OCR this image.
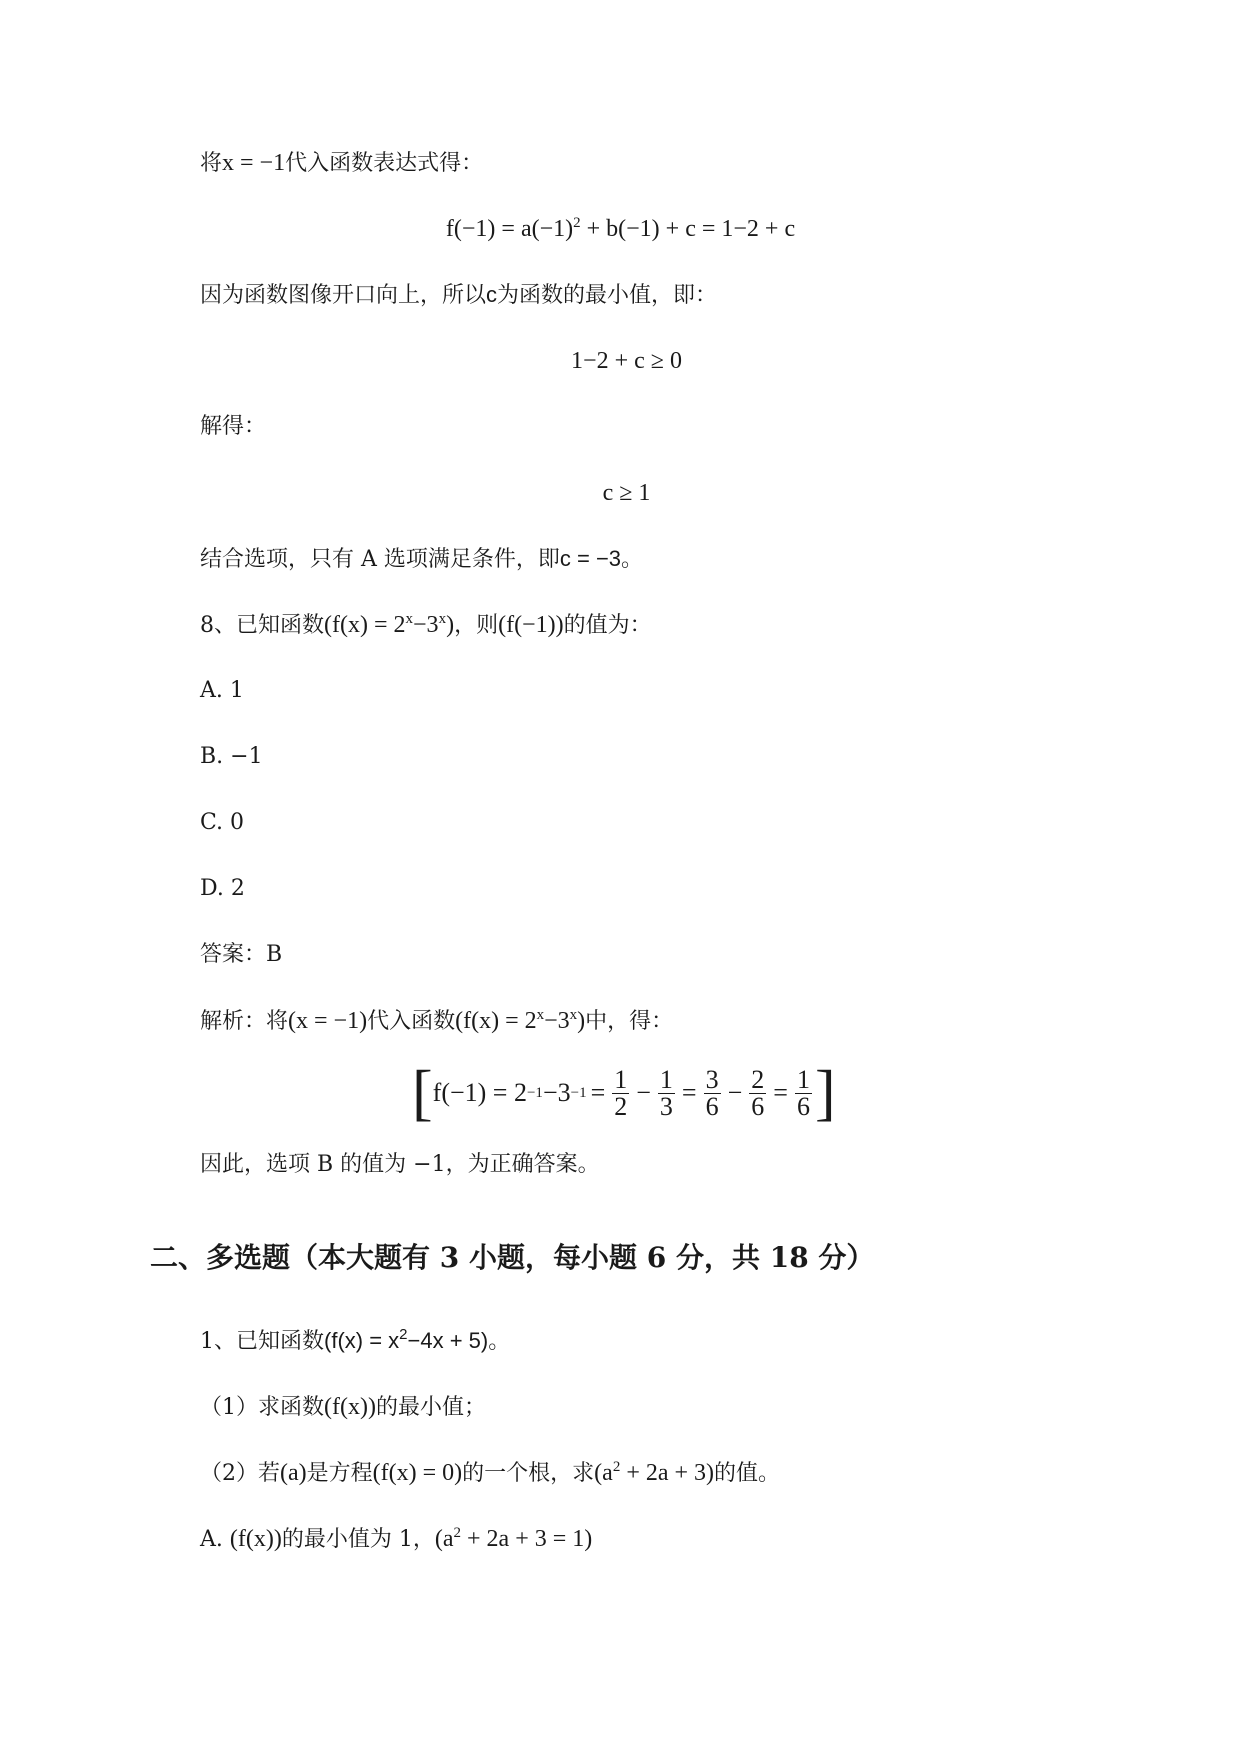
将x = −1代入函数表达式得：
$f(-1) = a(-1)^2 + b(-1) + c = 1-2 + c$
因为函数图像开口向上，所以c为函数的最小值，即：
1−2 + c ≥ 0
解得：
c ≥ 1
结合选项，只有 A 选项满足条件，即c = −3。
8、已知函数$(f(x) = 2^x-3^x)$，则(f(−1))的值为：
A. 1
B. −1
C. 0
D. 2
答案：B
解析：将(x = −1)代入函数$(f(x) = 2^x-3^x)$中，得：
[ $f(-1) = 2 -1 -3 -1 = \frac{1}{2} - \frac{1}{3} = \frac{3}{6} - \frac{2}{6} = \frac{1}{6}$ ]
因此，选项 B 的值为 −1，为正确答案。
二、多选题（本大题有 3 小题，每小题 6 分，共 18 分）
1、已知函数$(f(x) = x^2-4x + 5)$。
（1）求函数(f(x))的最小值；
（2）若(a)是方程(f(x) = 0)的一个根，求$(a^2 + 2a + 3)$的值。
A. (f(x))的最小值为 1，$(a^2 + 2a + 3 = 1)$
